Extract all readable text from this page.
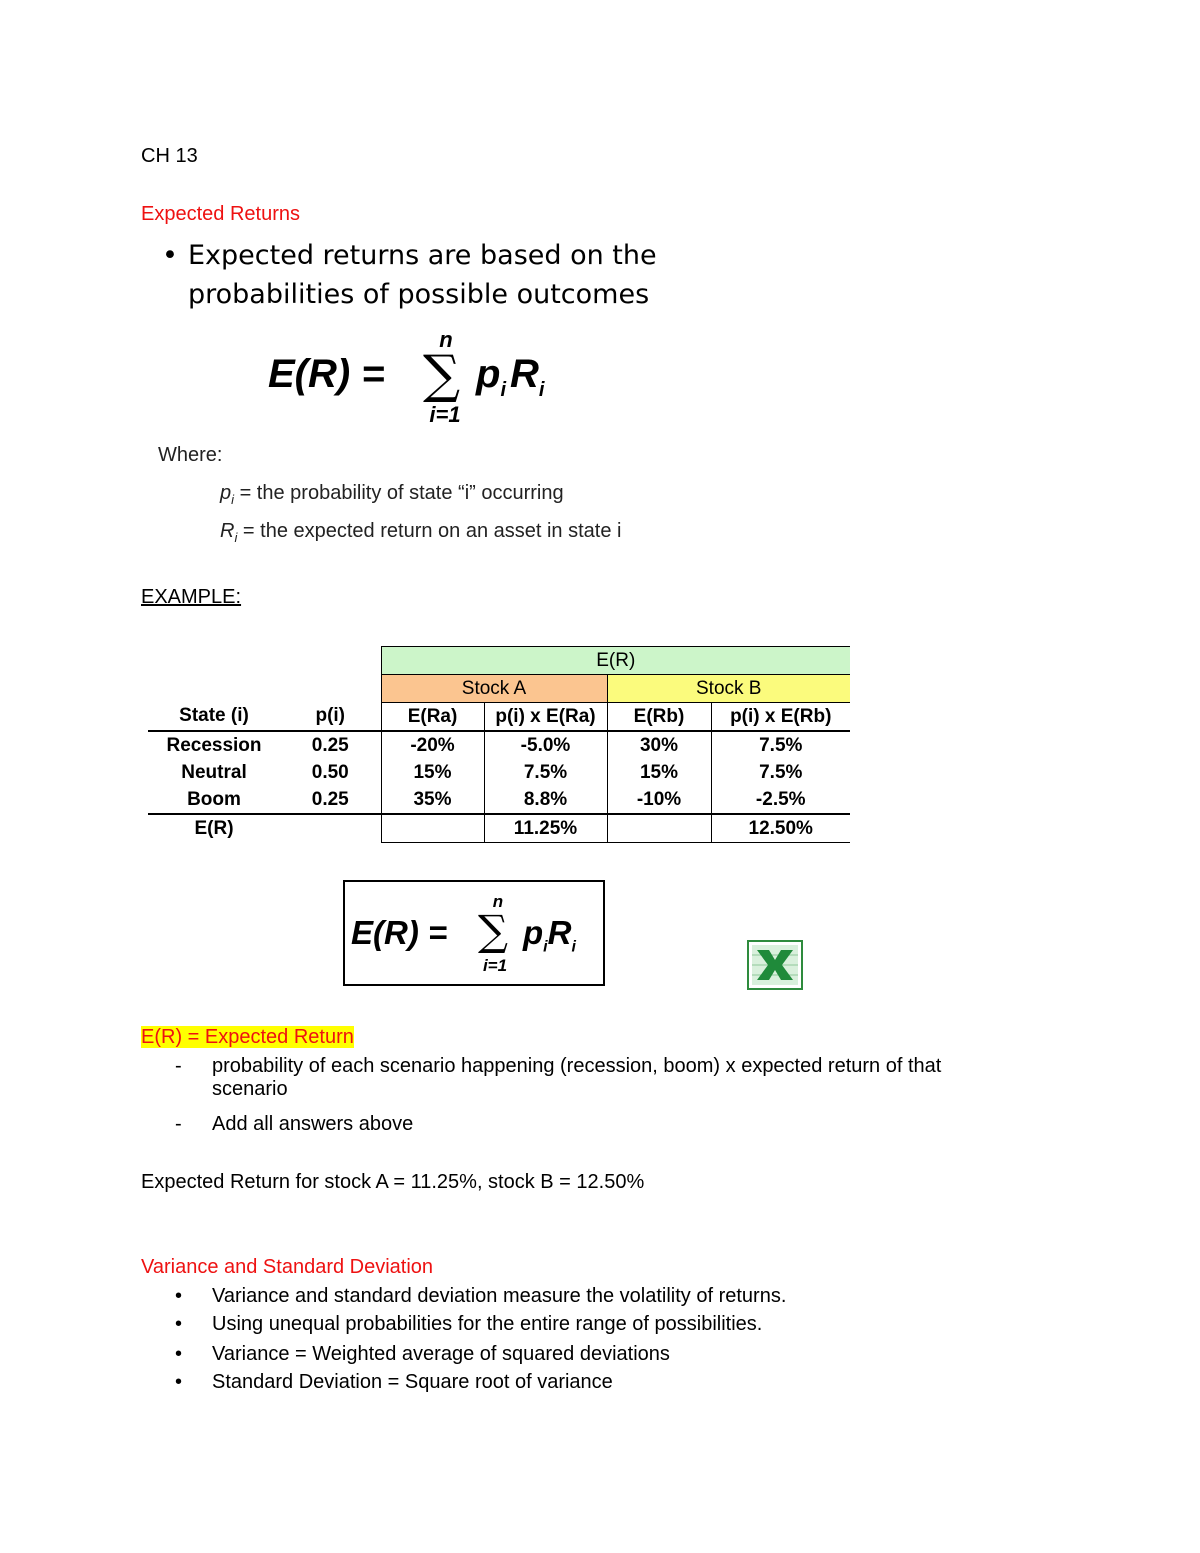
CH 13
Expected Returns
• Expected returns are based on the
probabilities of possible outcomes
E(R) =
n
∑
i=1
$p_i$ $R_i$
Where:
$p_i$ = the probability of state “i” occurring
$R_i$ = the expected return on an asset in state i
EXAMPLE:
		E(R)			
		Stock A		Stock B	
State (i)	p(i)	E(Ra)	p(i) x E(Ra)	E(Rb)	p(i) x E(Rb)
Recession	0.25	-20%	-5.0%	30%	7.5%
Neutral	0.50	15%	7.5%	15%	7.5%
Boom	0.25	35%	8.8%	-10%	-2.5%
E(R)			11.25%		12.50%
E(R) =
n
∑
i=1
$p_iR_i$
E(R) = Expected Return
- probability of each scenario happening (recession, boom) x expected return of that
scenario
- Add all answers above
Expected Return for stock A = 11.25%, stock B = 12.50%
Variance and Standard Deviation
• Variance and standard deviation measure the volatility of returns.
• Using unequal probabilities for the entire range of possibilities.
• Variance = Weighted average of squared deviations
• Standard Deviation = Square root of variance
